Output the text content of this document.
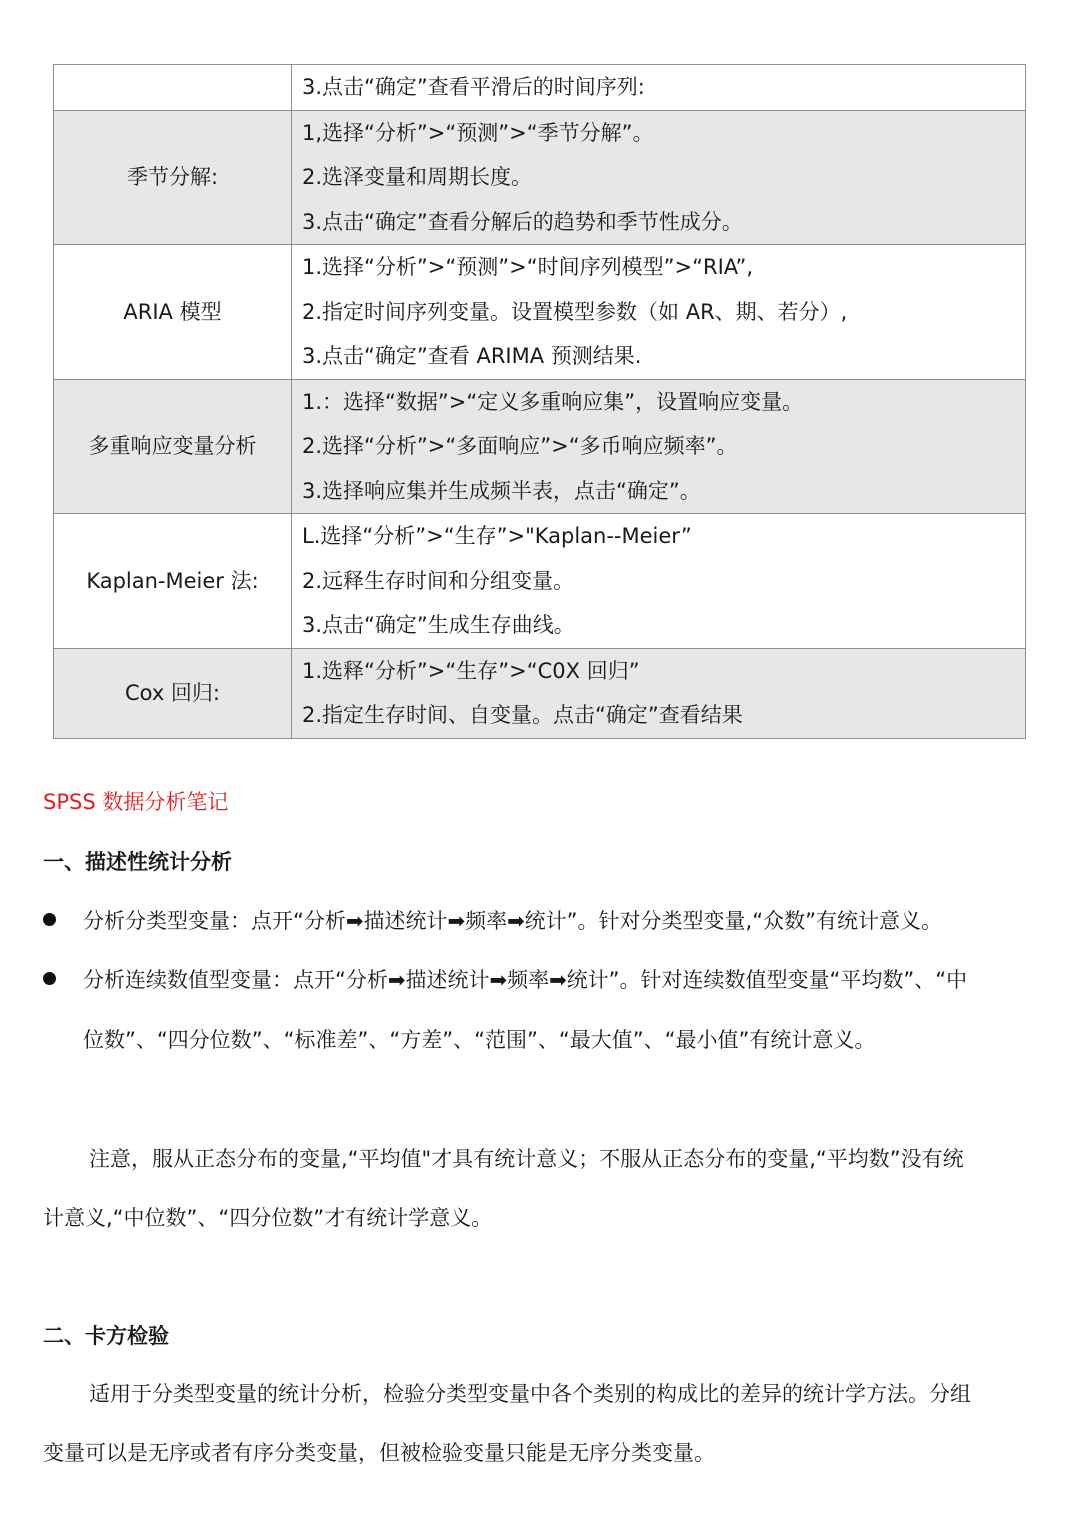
	3.点击“确定”查看平滑后的时间序列:

季节分解:	1,选择“分析”>“预测”>“季节分解”。
2.选泽变量和周期长度。
3.点击“确定”查看分解后的趋势和季节性成分。

ARIA 模型	1.选择“分析”>“预测”>“时间序列模型”>“RIA”,
2.指定时间序列变量。设置模型参数（如 AR、期、若分）,
3.点击“确定”查看 ARIMA 预测结果.

多重响应变量分析	1.：选择“数据”>“定义多重响应集”，设置响应变量。
2.选择“分析”>“多面响应”>“多币响应频率”。
3.选择响应集并生成频半表，点击“确定”。

Kaplan-Meier 法:	L.选择“分析”>“生存”>"Kaplan--Meier”
2.远释生存时间和分组变量。
3.点击“确定”生成生存曲线。

Cox 回归:	1.选释“分析”>“生存”>“C0X 回归”
2.指定生存时间、自变量。点击“确定”查看结果
SPSS 数据分析笔记
一、描述性统计分析
分析分类型变量：点开“分析➡描述统计➡频率➡统计”。针对分类型变量,“众数”有统计意义。
分析连续数值型变量：点开“分析➡描述统计➡频率➡统计”。针对连续数值型变量“平均数”、“中
位数”、“四分位数”、“标准差”、“方差”、“范围”、“最大值”、“最小值”有统计意义。
注意，服从正态分布的变量,“平均值"才具有统计意义；不服从正态分布的变量,“平均数”没有统
计意义,“中位数”、“四分位数”才有统计学意义。
二、卡方检验
适用于分类型变量的统计分析，检验分类型变量中各个类别的构成比的差异的统计学方法。分组
变量可以是无序或者有序分类变量，但被检验变量只能是无序分类变量。
